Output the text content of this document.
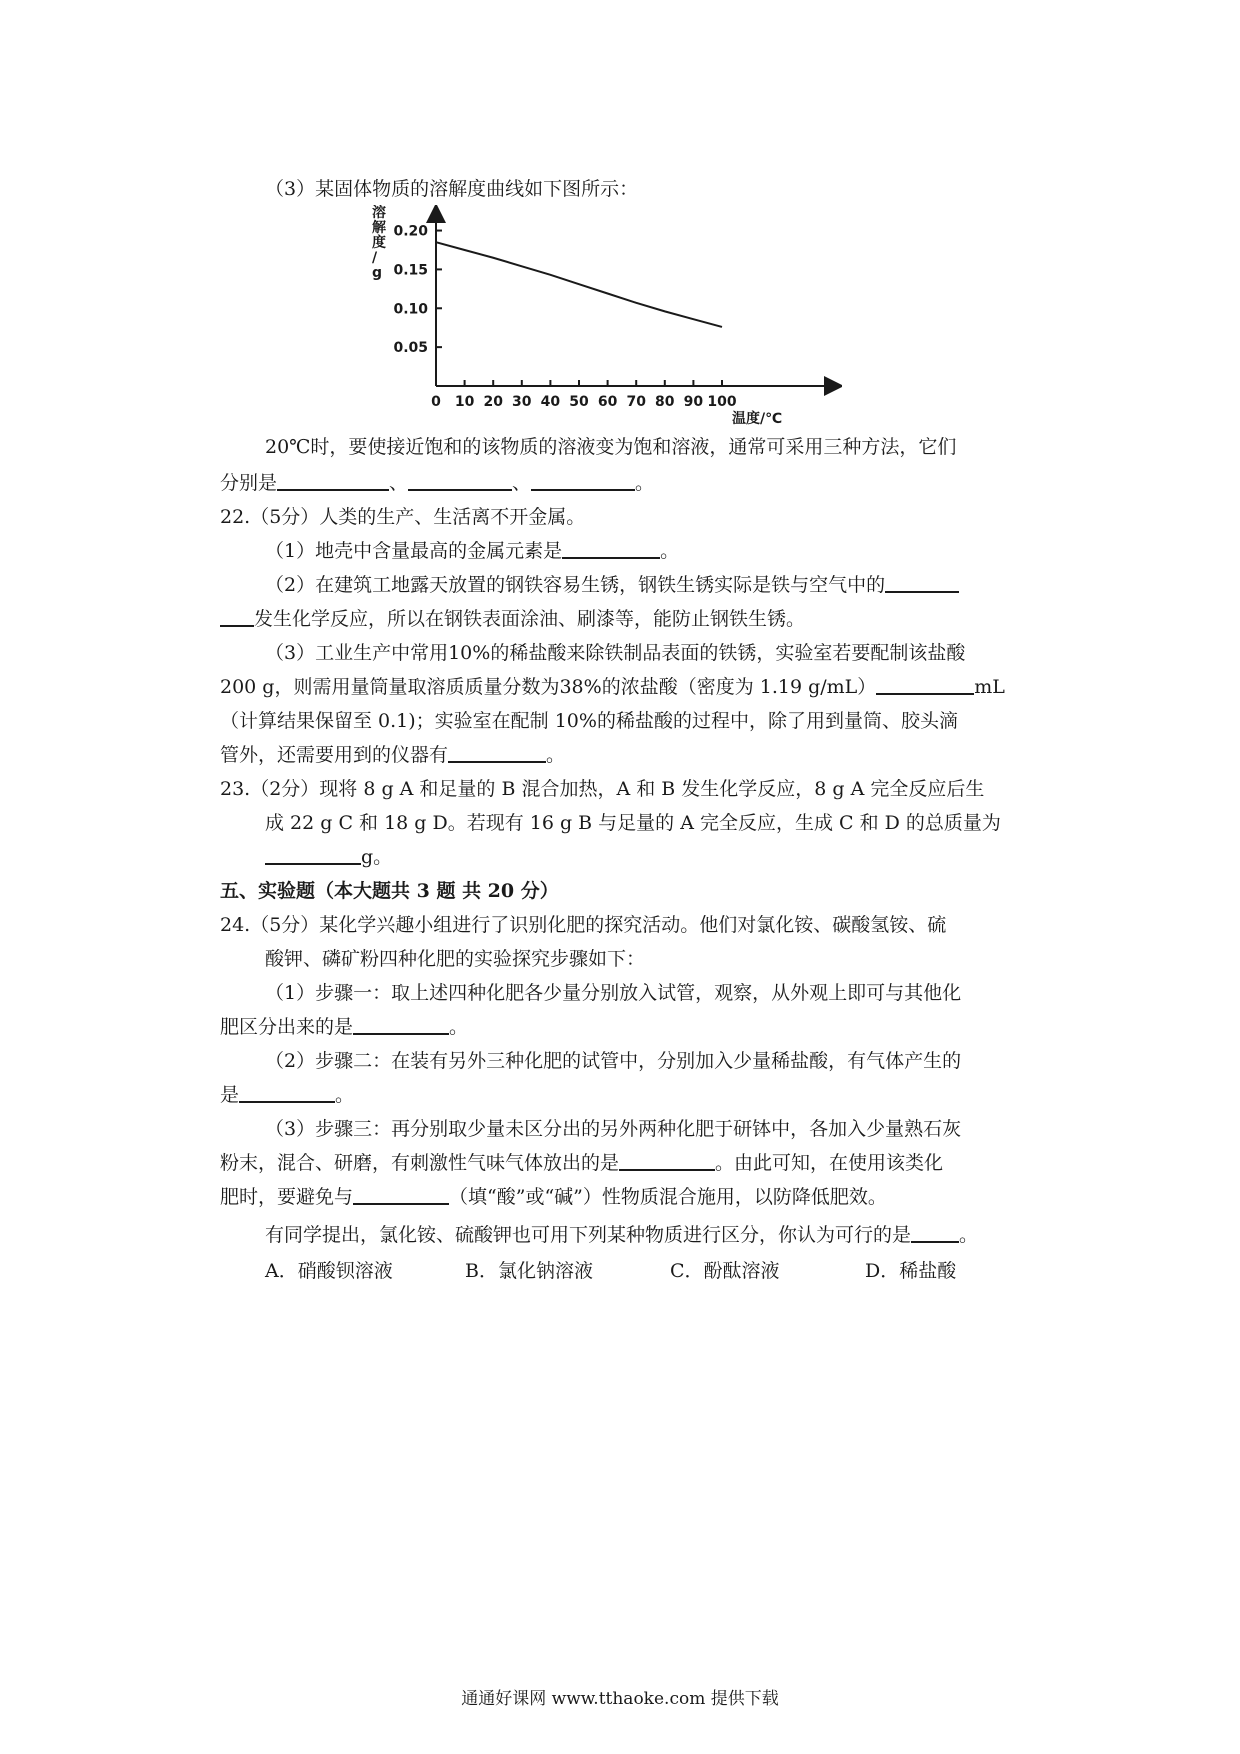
（3）某固体物质的溶解度曲线如下图所示：
溶
解
度
/
g
0.20
0.15
0.10
0.05
0 10 20 30 40 50 60 70 80 90 100
温度/℃
20℃时，要使接近饱和的该物质的溶液变为饱和溶液，通常可采用三种方法，它们
分别是	、	、	。
22.（5分）人类的生产、生活离不开金属。
（1）地壳中含量最高的金属元素是	。
（2）在建筑工地露天放置的钢铁容易生锈，钢铁生锈实际是铁与空气中的
发生化学反应，所以在钢铁表面涂油、刷漆等，能防止钢铁生锈。
（3）工业生产中常用10%的稀盐酸来除铁制品表面的铁锈，实验室若要配制该盐酸
200 g，则需用量筒量取溶质质量分数为38%的浓盐酸（密度为 1.19 g/mL）	mL
（计算结果保留至 0.1)；实验室在配制 10%的稀盐酸的过程中，除了用到量筒、胶头滴
管外，还需要用到的仪器有	。
23.（2分）现将 8 g A 和足量的 B 混合加热，A 和 B 发生化学反应，8 g A 完全反应后生
成 22 g C 和 18 g D。若现有 16 g B 与足量的 A 完全反应，生成 C 和 D 的总质量为
g。
五、实验题（本大题共 3 题 共 20 分）
24.（5分）某化学兴趣小组进行了识别化肥的探究活动。他们对氯化铵、碳酸氢铵、硫
酸钾、磷矿粉四种化肥的实验探究步骤如下：
（1）步骤一：取上述四种化肥各少量分别放入试管，观察，从外观上即可与其他化
肥区分出来的是	。
（2）步骤二：在装有另外三种化肥的试管中，分别加入少量稀盐酸，有气体产生的
是	。
（3）步骤三：再分别取少量未区分出的另外两种化肥于研钵中，各加入少量熟石灰
粉末，混合、研磨，有刺激性气味气体放出的是	。由此可知，在使用该类化
肥时，要避免与	（填“酸”或“碱”）性物质混合施用，以防降低肥效。
有同学提出，氯化铵、硫酸钾也可用下列某种物质进行区分，你认为可行的是	。
A．硝酸钡溶液	B．氯化钠溶液	C．酚酞溶液	D．稀盐酸
通通好课网 www.tthaoke.com 提供下载
